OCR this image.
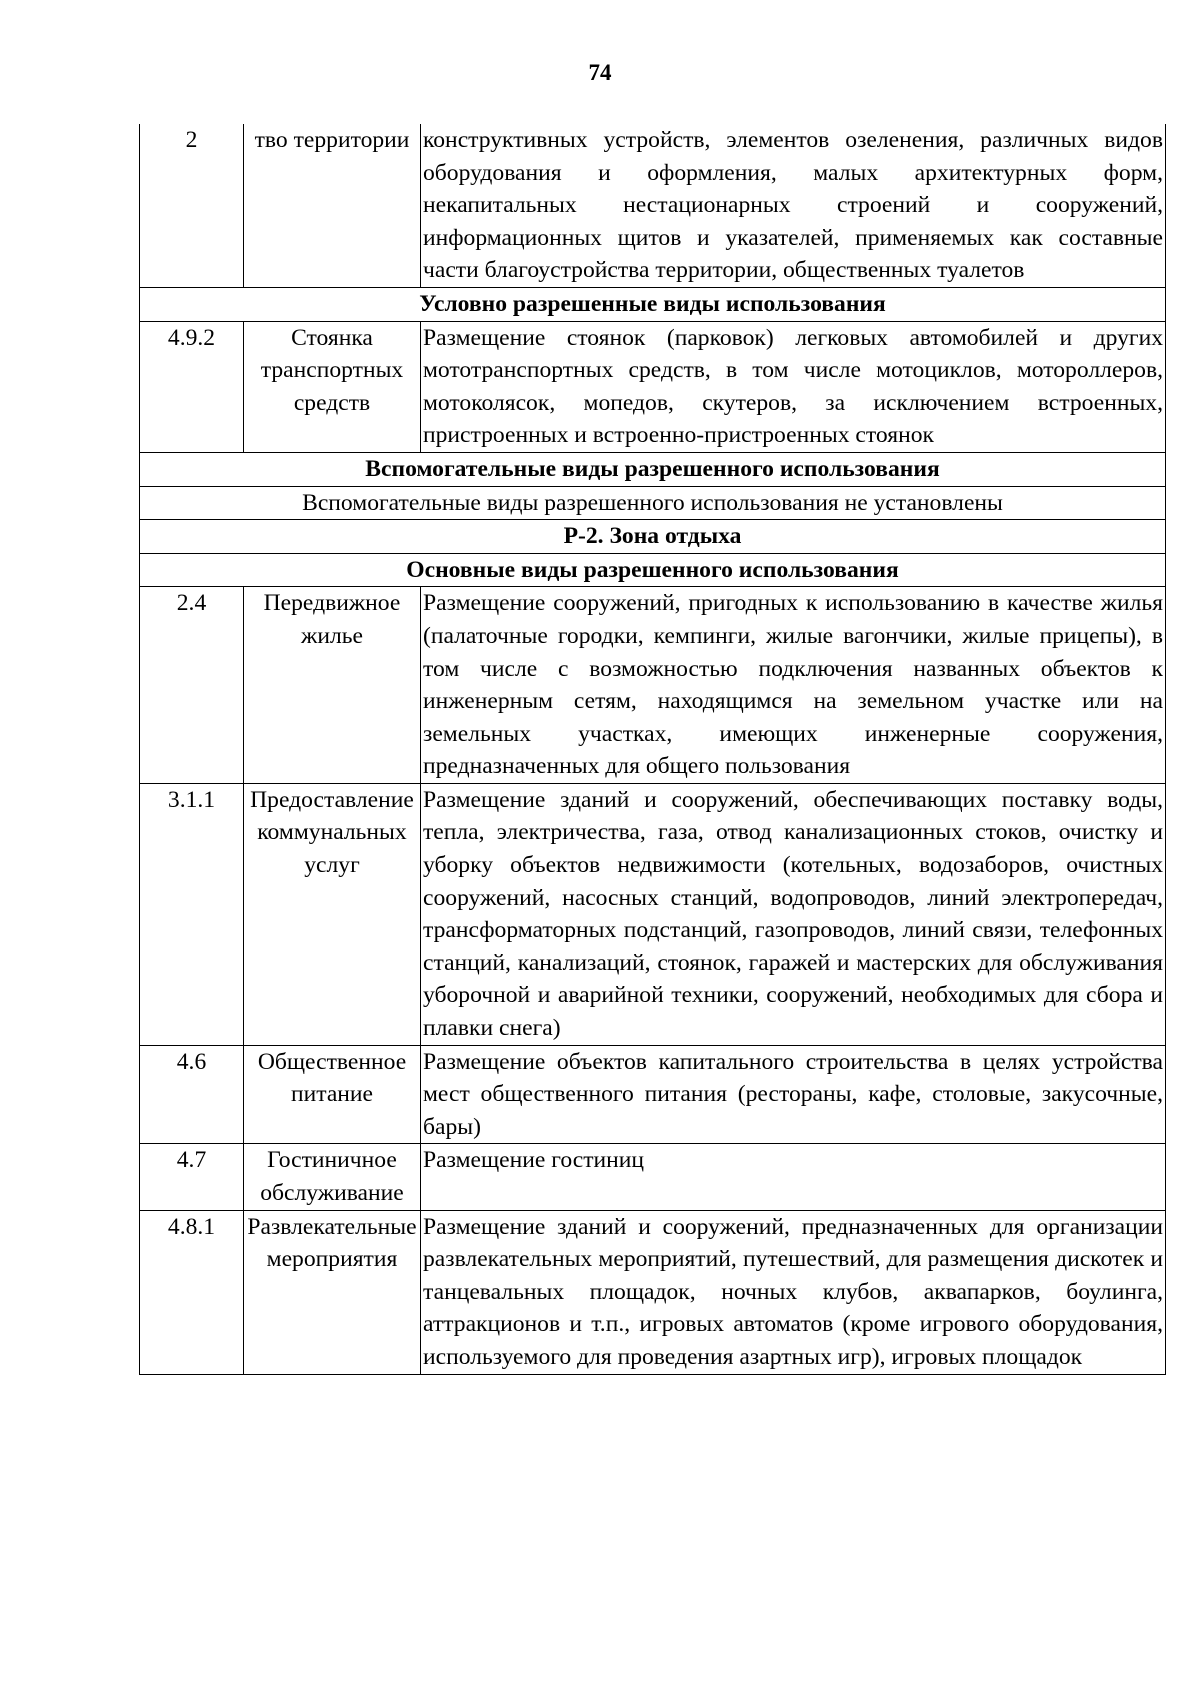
74
2	тво территории	конструктивных устройств, элементов озеленения, различных видов оборудования и оформления, малых архитектурных форм, некапитальных нестационарных строений и сооружений, информационных щитов и указателей, применяемых как составные части благоустройства территории, общественных туалетов
Условно разрешенные виды использования		
4.9.2	Стоянка транспортных средств	Размещение стоянок (парковок) легковых автомобилей и других мототранспортных средств, в том числе мотоциклов, мотороллеров, мотоколясок, мопедов, скутеров, за исключением встроенных, пристроенных и встроенно-пристроенных стоянок
Вспомогательные виды разрешенного использования		
Вспомогательные виды разрешенного использования не установлены		
Р-2. Зона отдыха		
Основные виды разрешенного использования		
2.4	Передвижное жилье	Размещение сооружений, пригодных к использованию в качестве жилья (палаточные городки, кемпинги, жилые вагончики, жилые прицепы), в том числе с возможностью подключения названных объектов к инженерным сетям, находящимся на земельном участке или на земельных участках, имеющих инженерные сооружения, предназначенных для общего пользования
3.1.1	Предоставление коммунальных услуг	Размещение зданий и сооружений, обеспечивающих поставку воды, тепла, электричества, газа, отвод канализационных стоков, очистку и уборку объектов недвижимости (котельных, водозаборов, очистных сооружений, насосных станций, водопроводов, линий электропередач, трансформаторных подстанций, газопроводов, линий связи, телефонных станций, канализаций, стоянок, гаражей и мастерских для обслуживания уборочной и аварийной техники, сооружений, необходимых для сбора и плавки снега)
4.6	Общественное питание	Размещение объектов капитального строительства в целях устройства мест общественного питания (рестораны, кафе, столовые, закусочные, бары)
4.7	Гостиничное обслуживание	Размещение гостиниц
4.8.1	Развлекательные мероприятия	Размещение зданий и сооружений, предназначенных для организации развлекательных мероприятий, путешествий, для размещения дискотек и танцевальных площадок, ночных клубов, аквапарков, боулинга, аттракционов и т.п., игровых автоматов (кроме игрового оборудования, используемого для проведения азартных игр), игровых площадок
